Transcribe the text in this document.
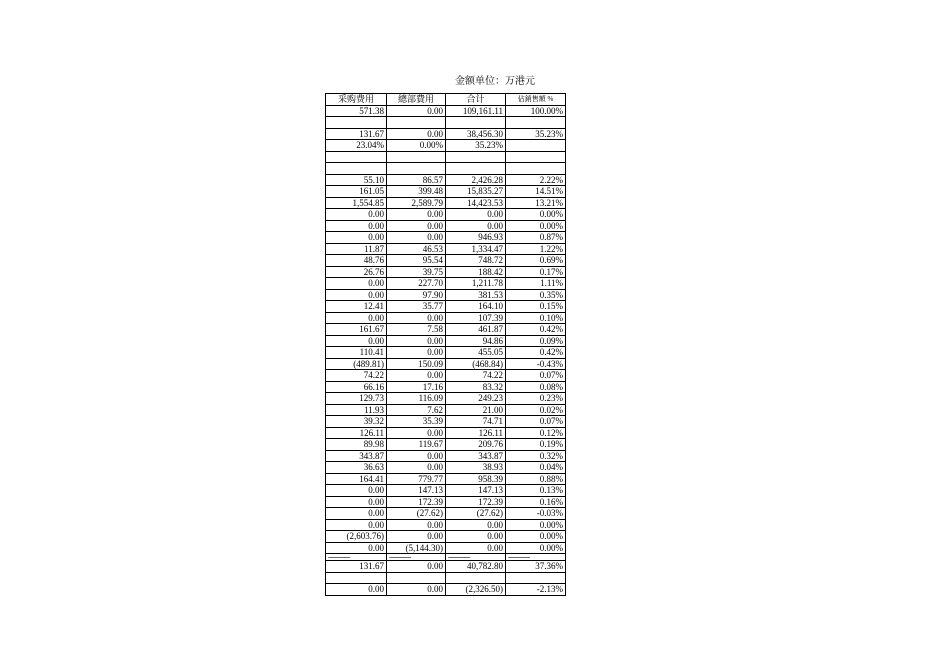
金额单位：万港元
采购费用	總部費用	合计	佔銷售額 %
571.38	0.00	109,161.11	100.00%

131.67	0.00	38,456.30	35.23%
23.04%	0.00%	35.23%	

55.10	86.57	2,426.28	2.22%
161.05	399.48	15,835.27	14.51%
1,554.85	2,589.79	14,423.53	13.21%
0.00	0.00	0.00	0.00%
0.00	0.00	0.00	0.00%
0.00	0.00	946.93	0.87%
11.87	46.53	1,334.47	1.22%
48.76	95.54	748.72	0.69%
26.76	39.75	188.42	0.17%
0.00	227.70	1,211.78	1.11%
0.00	97.90	381.53	0.35%
12.41	35.77	164.10	0.15%
0.00	0.00	107.39	0.10%
161.67	7.58	461.87	0.42%
0.00	0.00	94.86	0.09%
110.41	0.00	455.05	0.42%
(489.81)	150.09	(468.84)	-0.43%
74.22	0.00	74.22	0.07%
66.16	17.16	83.32	0.08%
129.73	116.09	249.23	0.23%
11.93	7.62	21.00	0.02%
39.32	35.39	74.71	0.07%
126.11	0.00	126.11	0.12%
89.98	119.67	209.76	0.19%
343.87	0.00	343.87	0.32%
36.63	0.00	38.93	0.04%
164.41	779.77	958.39	0.88%
0.00	147.13	147.13	0.13%
0.00	172.39	172.39	0.16%
0.00	(27.62)	(27.62)	-0.03%
0.00	0.00	0.00	0.00%
(2,603.76)	0.00	0.00	0.00%
0.00	(5,144.30)	0.00	0.00%
----------------	----------------	----------------	----------------
131.67	0.00	40,782.80	37.36%

0.00	0.00	(2,326.50)	-2.13%
